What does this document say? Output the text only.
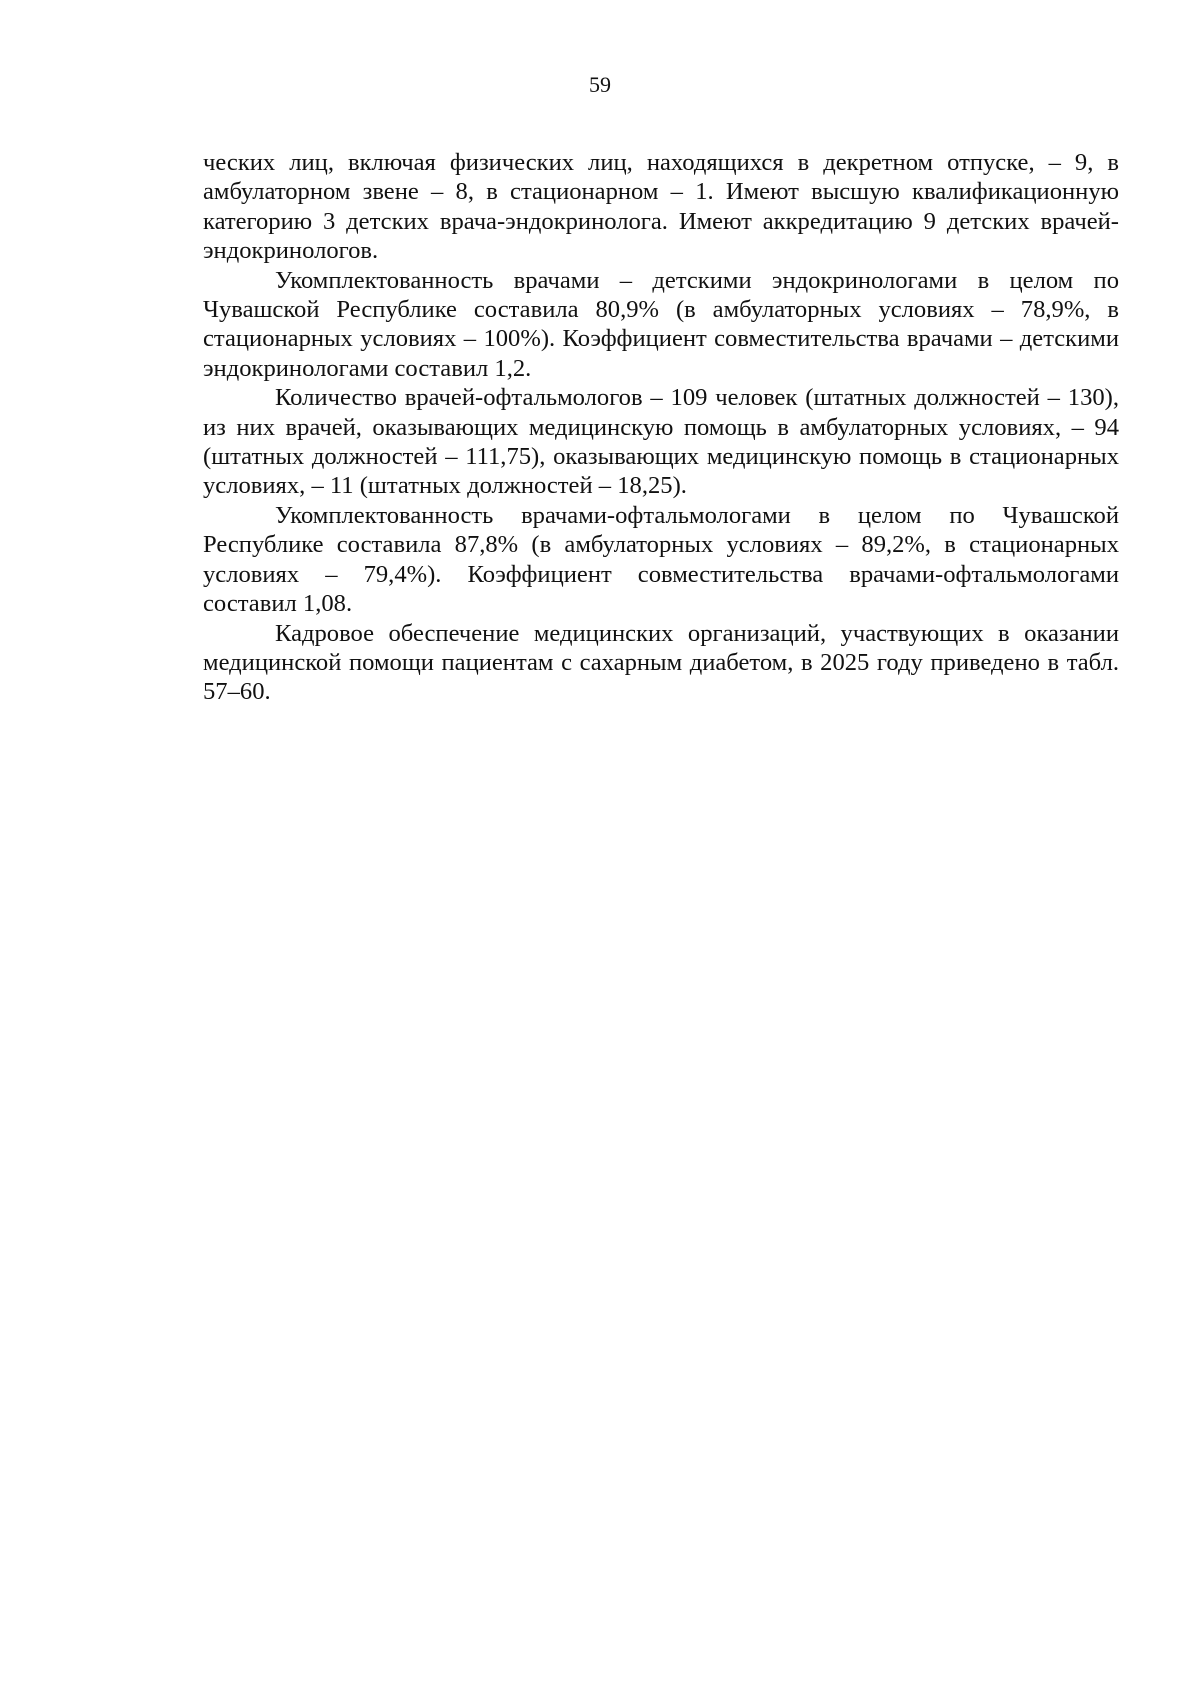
59

ческих лиц, включая физических лиц, находящихся в декретном отпуске, – 9, в амбулаторном звене – 8, в стационарном – 1. Имеют высшую квалификационную категорию 3 детских врача-эндокринолога. Имеют аккредитацию 9 детских врачей-эндокринологов.

Укомплектованность врачами – детскими эндокринологами в целом по Чувашской Республике составила 80,9% (в амбулаторных условиях – 78,9%, в стационарных условиях – 100%). Коэффициент совместительства врачами – детскими эндокринологами составил 1,2.

Количество врачей-офтальмологов – 109 человек (штатных должностей – 130), из них врачей, оказывающих медицинскую помощь в амбулаторных условиях, – 94 (штатных должностей – 111,75), оказывающих медицинскую помощь в стационарных условиях, – 11 (штатных должностей – 18,25).

Укомплектованность врачами-офтальмологами в целом по Чувашской Республике составила 87,8% (в амбулаторных условиях – 89,2%, в стационарных условиях – 79,4%). Коэффициент совместительства врачами-офтальмологами составил 1,08.

Кадровое обеспечение медицинских организаций, участвующих в оказании медицинской помощи пациентам с сахарным диабетом, в 2025 году приведено в табл. 57–60.
